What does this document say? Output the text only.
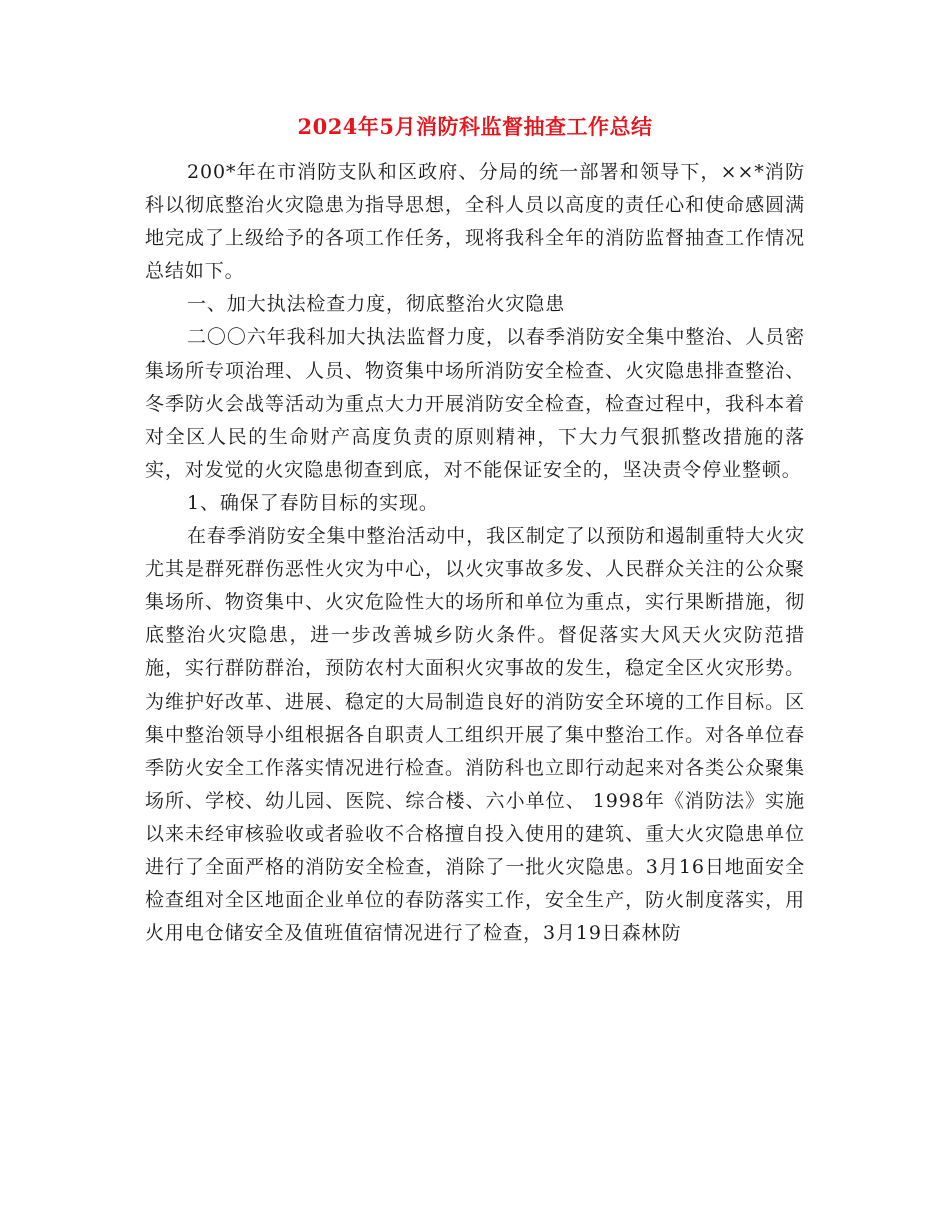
2024年5月消防科监督抽查工作总结

200*年在市消防支队和区政府、分局的统一部署和领导下，××*消防科以彻底整治火灾隐患为指导思想，全科人员以高度的责任心和使命感圆满地完成了上级给予的各项工作任务，现将我科全年的消防监督抽查工作情况总结如下。

一、加大执法检查力度，彻底整治火灾隐患

二〇〇六年我科加大执法监督力度，以春季消防安全集中整治、人员密集场所专项治理、人员、物资集中场所消防安全检查、火灾隐患排查整治、冬季防火会战等活动为重点大力开展消防安全检查，检查过程中，我科本着对全区人民的生命财产高度负责的原则精神，下大力气狠抓整改措施的落实，对发觉的火灾隐患彻查到底，对不能保证安全的，坚决责令停业整顿。

1、确保了春防目标的实现。

在春季消防安全集中整治活动中，我区制定了以预防和遏制重特大火灾尤其是群死群伤恶性火灾为中心，以火灾事故多发、人民群众关注的公众聚集场所、物资集中、火灾危险性大的场所和单位为重点，实行果断措施，彻底整治火灾隐患，进一步改善城乡防火条件。督促落实大风天火灾防范措施，实行群防群治，预防农村大面积火灾事故的发生，稳定全区火灾形势。为维护好改革、进展、稳定的大局制造良好的消防安全环境的工作目标。区集中整治领导小组根据各自职责人工组织开展了集中整治工作。对各单位春季防火安全工作落实情况进行检查。消防科也立即行动起来对各类公众聚集场所、学校、幼儿园、医院、综合楼、六小单位、 1998年《消防法》实施以来未经审核验收或者验收不合格擅自投入使用的建筑、重大火灾隐患单位进行了全面严格的消防安全检查，消除了一批火灾隐患。3月16日地面安全检查组对全区地面企业单位的春防落实工作，安全生产，防火制度落实，用火用电仓储安全及值班值宿情况进行了检查，3月19日森林防
